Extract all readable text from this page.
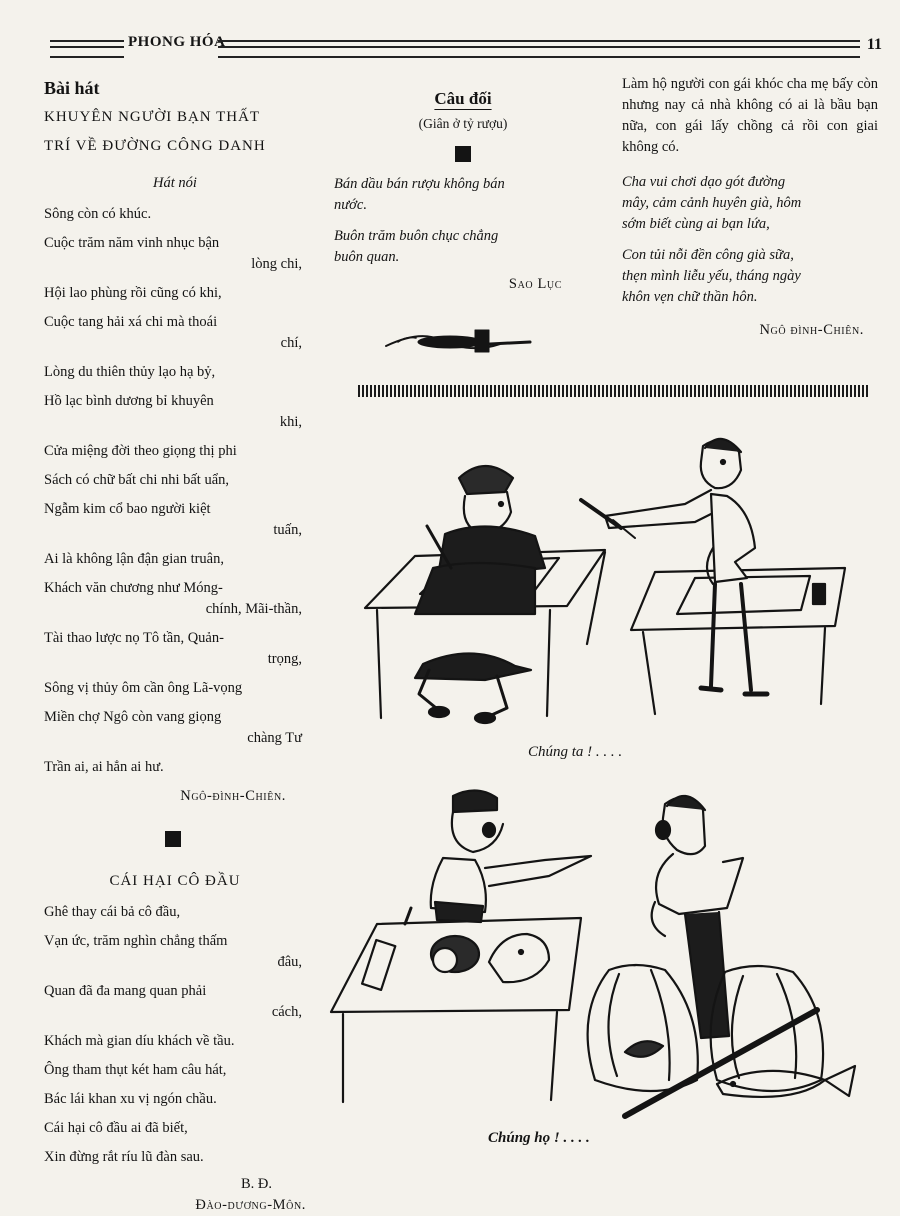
PHONG HÓA	11

Bài hát

KHUYÊN NGƯỜI BẠN THẤT

TRÍ VỀ ĐƯỜNG CÔNG DANH

Hát nói

Sông còn có khúc.

Cuộc trăm năm vinh nhục bận

lòng chi,

Hội lao phùng rồi cũng có khi,

Cuộc tang hải xá chi mà thoái

chí,

Lòng du thiên thủy lạo hạ bỷ,

Hồ lạc bình dương bỉ khuyên

khi,

Cửa miệng đời theo giọng thị phi

Sách có chữ bất chi nhi bất uẩn,

Ngẫm kim cổ bao người kiệt

tuấn,

Ai là không lận đận gian truân,

Khách văn chương như Móng-

chính, Mãi-thần,

Tài thao lược nọ Tô tần, Quản-

trọng,

Sông vị thủy ôm cần ông Lã-vọng

Miền chợ Ngô còn vang giọng

chàng Tư

Trần ai, ai hẳn ai hư.

Ngô-đình-Chiên.

CÁI HẠI CÔ ĐẦU

Ghê thay cái bả cô đầu,

Vạn ức, trăm nghìn chẳng thấm

đâu,

Quan đã đa mang quan phải

cách,

Khách mà gian díu khách về tầu.

Ông tham thụt két ham câu hát,

Bác lái khan xu vị ngón chầu.

Cái hại cô đầu ai đã biết,

Xin đừng rắt ríu lũ đàn sau.

B. Đ.

Đào-dương-Môn.

Câu đối

(Giân ở tỷ rượu)

Bán dầu bán rượu không bán

nước.

Buôn trăm buôn chục chẳng

buôn quan.

Sao Lục

Làm hộ người con gái khóc cha mẹ bấy còn nhưng nay cả nhà không có ai là bầu bạn nữa, con gái lấy chồng cả rồi con giai không có.

Cha vui chơi dạo gót đường

mây, cảm cảnh huyên già, hôm

sớm biết cùng ai bạn lứa,

Con tủi nỗi đền công già sữa,

thẹn mình liễu yếu, tháng ngày

khôn vẹn chữ thần hôn.

Ngô đình-Chiên.

Chúng ta ! . . . .
Chúng họ ! . . . .
